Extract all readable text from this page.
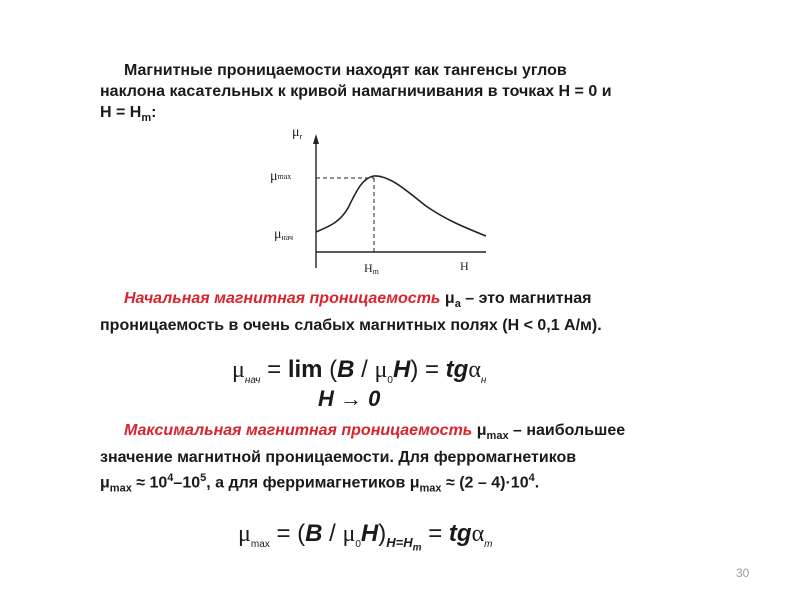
Магнитные проницаемости находят как тангенсы углов
наклона касательных к кривой намагничивания в точках H = 0 и
$H = H_m$:
$\mu_r$
μmax
μнач
Hm	H
Начальная магнитная проницаемость $\mu_а$ – это магнитная
проницаемость в очень слабых магнитных полях (H < 0,1 А/м).
$\mu_{нач} = \lim (B / \mu_0H) = tg\alpha_н$
H → 0
Максимальная магнитная проницаемость $\mu_{max}$ – наибольшее
значение магнитной проницаемости. Для ферромагнетиков
$\mu_{max} \approx 10^4-10^5$, а для ферримагнетиков $\mu_{max} \approx (2 - 4)\cdot 10^4$.
$\mu_{max} = (B / \mu_0H)_{H=H_m} = tg\alpha_m$
30
